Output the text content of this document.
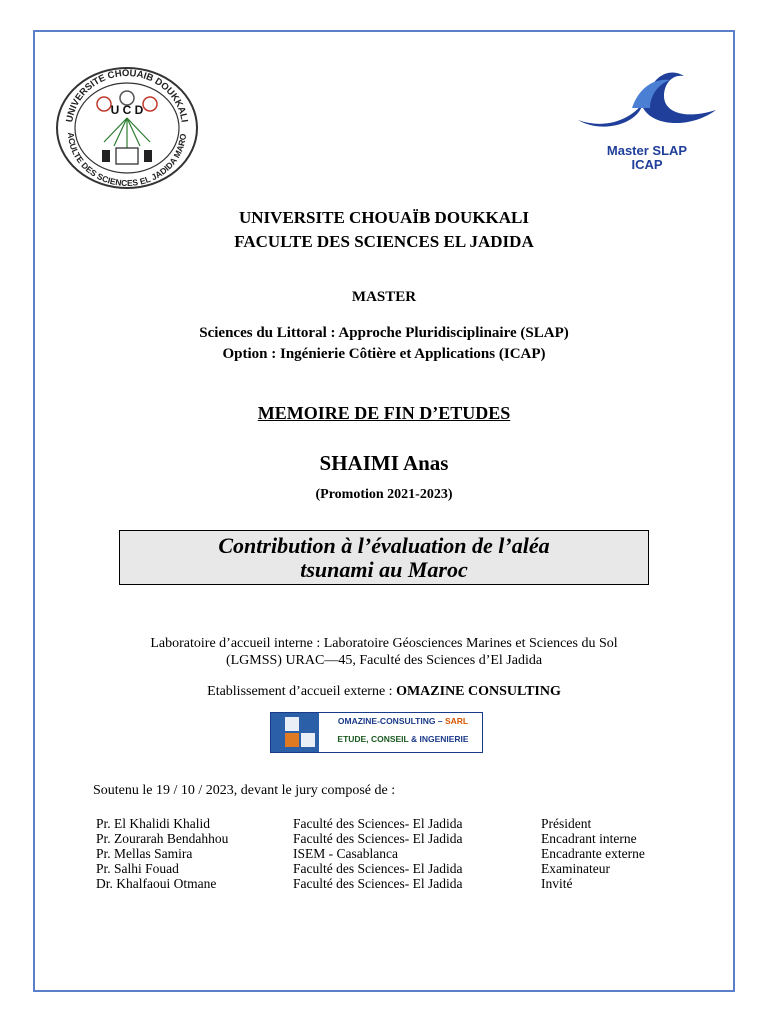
UNIVERSITE CHOUAIB DOUKKALI
ACULTE DES SCIENCES EL JADIDA MARO
U C D
Master SLAP
ICAP
UNIVERSITE CHOUAÏB DOUKKALI
FACULTE DES SCIENCES EL JADIDA
MASTER
Sciences du Littoral : Approche Pluridisciplinaire (SLAP)
Option : Ingénierie Côtière et Applications (ICAP)
MEMOIRE DE FIN D’ETUDES
SHAIMI Anas
(Promotion 2021-2023)
Contribution à l’évaluation de l’aléa
tsunami au Maroc
Laboratoire d’accueil interne : Laboratoire Géosciences Marines et Sciences du Sol
(LGMSS) URAC—45, Faculté des Sciences d’El Jadida
Etablissement d’accueil externe : OMAZINE CONSULTING
OMAZINE-CONSULTING – SARL
ETUDE, CONSEIL & INGENIERIE
Soutenu le 19 / 10 / 2023, devant le jury composé de :
Pr. El Khalidi Khalid	Faculté des Sciences- El Jadida	Président
Pr. Zourarah Bendahhou	Faculté des Sciences- El Jadida	Encadrant interne
Pr. Mellas Samira	ISEM - Casablanca	Encadrante externe
Pr. Salhi Fouad	Faculté des Sciences- El Jadida	Examinateur
Dr. Khalfaoui Otmane	Faculté des Sciences- El Jadida	Invité
